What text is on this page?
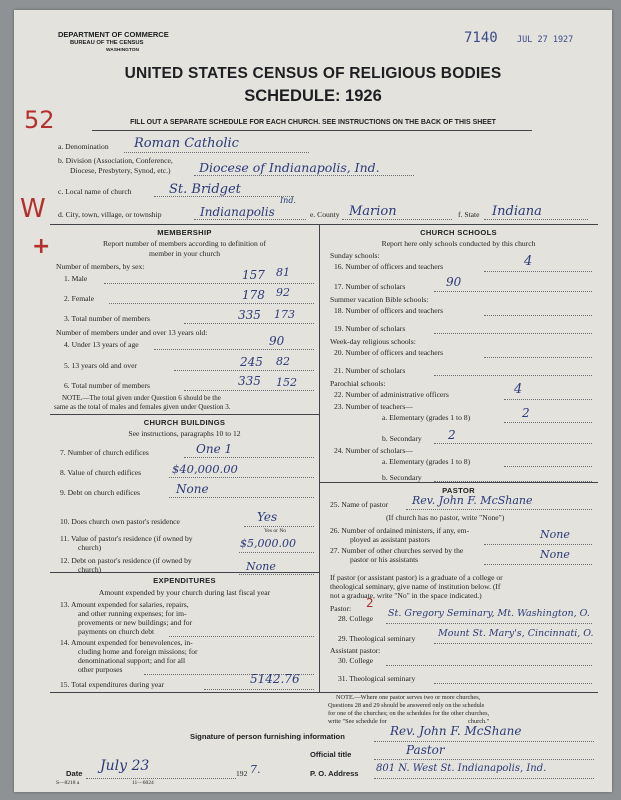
DEPARTMENT OF COMMERCE
BUREAU OF THE CENSUS
WASHINGTON
7140 JUL 27 1927
UNITED STATES CENSUS OF RELIGIOUS BODIES
SCHEDULE: 1926
FILL OUT A SEPARATE SCHEDULE FOR EACH CHURCH. SEE INSTRUCTIONS ON THE BACK OF THIS SHEET
52
W
+
a. Denomination Roman Catholic
b. Division (Association, Conference,
Diocese, Presbytery, Synod, etc.) Diocese of Indianapolis, Ind.
c. Local name of church	St. Bridget
d. City, town, village, or township	Indianapolis
Ind.
e. County Marion	f. State Indiana
MEMBERSHIP
Report number of members according to definition of
member in your church
Number of members, by sex:
1. Male	157 81
2. Female	178 92
3. Total number of members	335 173
Number of members under and over 13 years old:
4. Under 13 years of age	90
5. 13 years old and over	245 82
6. Total number of members	335 152
NOTE.—The total given under Question 6 should be the
same as the total of males and females given under Question 3.
CHURCH BUILDINGS
See instructions, paragraphs 10 to 12
7. Number of church edifices	One 1
8. Value of church edifices	$40,000.00
9. Debt on church edifices	None
10. Does church own pastor's residence	Yes
Yes or No
11. Value of pastor's residence (if owned by
church)	$5,000.00
12. Debt on pastor's residence (if owned by
church)	None
EXPENDITURES
Amount expended by your church during last fiscal year
13. Amount expended for salaries, repairs,
and other running expenses; for im-
provements or new buildings; and for
payments on church debt
14. Amount expended for benevolences, in-
cluding home and foreign missions; for
denominational support; and for all
other purposes
15. Total expenditures during year	5142.76
CHURCH SCHOOLS
Report here only schools conducted by this church
Sunday schools:
16. Number of officers and teachers	4
17. Number of scholars	90
Summer vacation Bible schools:
18. Number of officers and teachers
19. Number of scholars
Week-day religious schools:
20. Number of officers and teachers
21. Number of scholars
Parochial schools:
22. Number of administrative officers	4
23. Number of teachers—
a. Elementary (grades 1 to 8)	2
b. Secondary 2
24. Number of scholars—
a. Elementary (grades 1 to 8)
b. Secondary
PASTOR
25. Name of pastor Rev. John F. McShane
(If church has no pastor, write "None")
26. Number of ordained ministers, if any, em-
ployed as assistant pastors	None
27. Number of other churches served by the
pastor or his assistants	None
If pastor (or assistant pastor) is a graduate of a college or
theological seminary, give name of institution below. (If
not a graduate, write "No" in the space indicated.)
Pastor: 2
28. College St. Gregory Seminary, Mt. Washington, O.
29. Theological seminary Mount St. Mary's, Cincinnati, O.
Assistant pastor:
30. College
31. Theological seminary
NOTE.—Where one pastor serves two or more churches,
Questions 28 and 29 should be answered only on the schedule
for one of the churches; on the schedules for the other churches,
write "See schedule for	church."
Signature of person furnishing information	Rev. John F. McShane
Official title	Pastor
Date July 23	192 7.	P. O. Address 801 N. West St. Indianapolis, Ind.
S—8218 a	11—6024
